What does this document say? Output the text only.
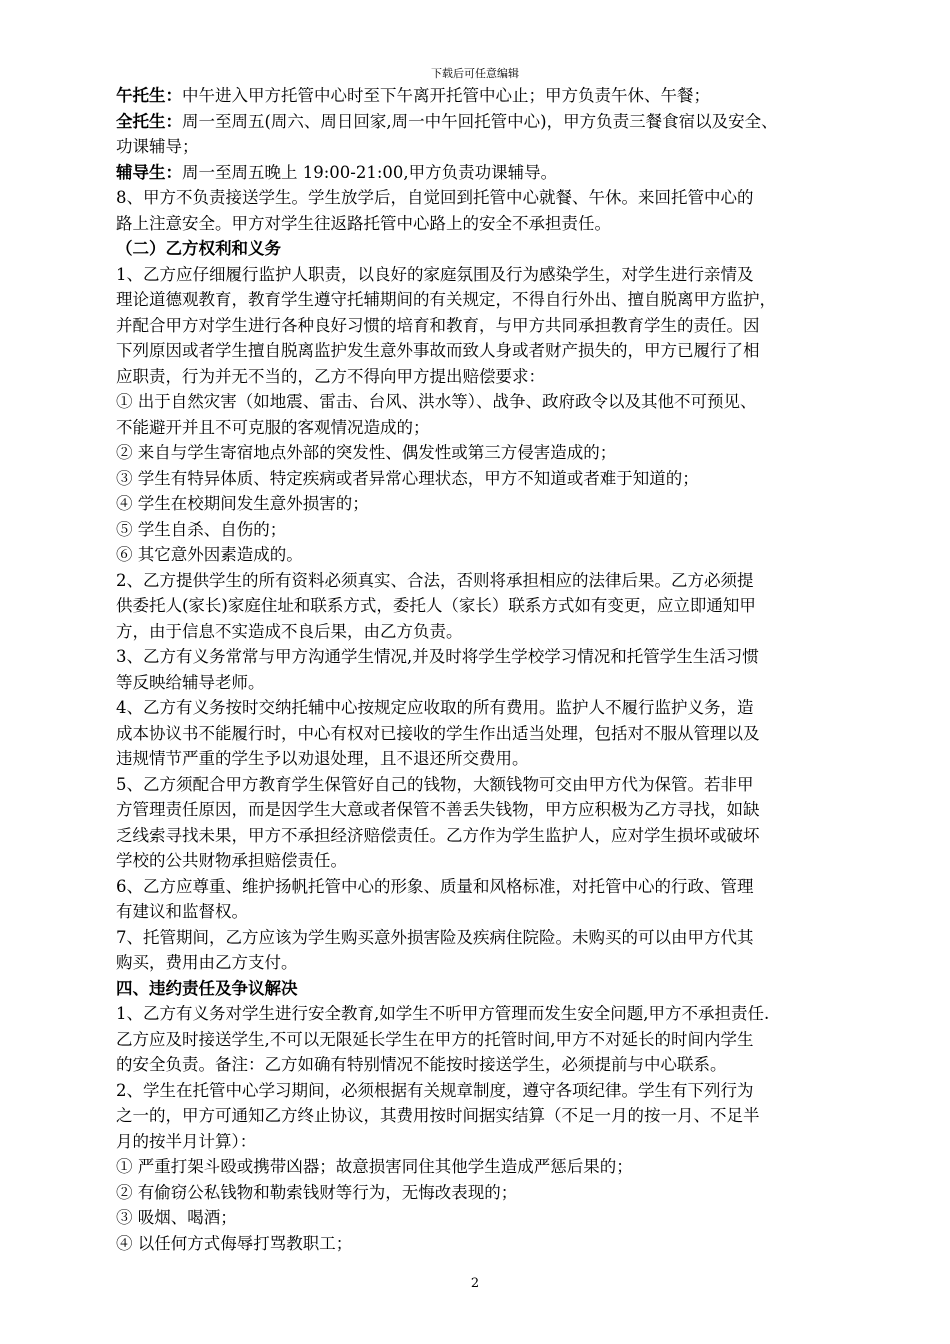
下载后可任意编辑
午托生：中午进入甲方托管中心时至下午离开托管中心止；甲方负责午休、午餐；
全托生：周一至周五(周六、周日回家,周一中午回托管中心)，甲方负责三餐食宿以及安全、
功课辅导；
辅导生：周一至周五晚上 19:00-21:00,甲方负责功课辅导。
8、甲方不负责接送学生。学生放学后，自觉回到托管中心就餐、午休。来回托管中心的
路上注意安全。甲方对学生往返路托管中心路上的安全不承担责任。
（二）乙方权利和义务
1、乙方应仔细履行监护人职责，以良好的家庭氛围及行为感染学生，对学生进行亲情及
理论道德观教育，教育学生遵守托辅期间的有关规定，不得自行外出、擅自脱离甲方监护，
并配合甲方对学生进行各种良好习惯的培育和教育，与甲方共同承担教育学生的责任。因
下列原因或者学生擅自脱离监护发生意外事故而致人身或者财产损失的，甲方已履行了相
应职责，行为并无不当的，乙方不得向甲方提出赔偿要求：
① 出于自然灾害（如地震、雷击、台风、洪水等）、战争、政府政令以及其他不可预见、
不能避开并且不可克服的客观情况造成的；
② 来自与学生寄宿地点外部的突发性、偶发性或第三方侵害造成的；
③ 学生有特异体质、特定疾病或者异常心理状态，甲方不知道或者难于知道的；
④ 学生在校期间发生意外损害的；
⑤ 学生自杀、自伤的；
⑥ 其它意外因素造成的。
2、乙方提供学生的所有资料必须真实、合法，否则将承担相应的法律后果。乙方必须提
供委托人(家长)家庭住址和联系方式，委托人（家长）联系方式如有变更，应立即通知甲
方，由于信息不实造成不良后果，由乙方负责。
3、乙方有义务常常与甲方沟通学生情况,并及时将学生学校学习情况和托管学生生活习惯
等反映给辅导老师。
4、乙方有义务按时交纳托辅中心按规定应收取的所有费用。监护人不履行监护义务，造
成本协议书不能履行时，中心有权对已接收的学生作出适当处理，包括对不服从管理以及
违规情节严重的学生予以劝退处理，且不退还所交费用。
5、乙方须配合甲方教育学生保管好自己的钱物，大额钱物可交由甲方代为保管。若非甲
方管理责任原因，而是因学生大意或者保管不善丢失钱物，甲方应积极为乙方寻找，如缺
乏线索寻找未果，甲方不承担经济赔偿责任。乙方作为学生监护人，应对学生损坏或破坏
学校的公共财物承担赔偿责任。
6、乙方应尊重、维护扬帆托管中心的形象、质量和风格标准，对托管中心的行政、管理
有建议和监督权。
7、托管期间，乙方应该为学生购买意外损害险及疾病住院险。未购买的可以由甲方代其
购买，费用由乙方支付。
四、违约责任及争议解决
1、乙方有义务对学生进行安全教育,如学生不听甲方管理而发生安全问题,甲方不承担责任.
乙方应及时接送学生,不可以无限延长学生在甲方的托管时间,甲方不对延长的时间内学生
的安全负责。备注：乙方如确有特别情况不能按时接送学生，必须提前与中心联系。
2、学生在托管中心学习期间，必须根据有关规章制度，遵守各项纪律。学生有下列行为
之一的，甲方可通知乙方终止协议，其费用按时间据实结算（不足一月的按一月、不足半
月的按半月计算）：
① 严重打架斗殴或携带凶器；故意损害同住其他学生造成严惩后果的；
② 有偷窃公私钱物和勒索钱财等行为，无悔改表现的；
③ 吸烟、喝酒；
④ 以任何方式侮辱打骂教职工；
2
